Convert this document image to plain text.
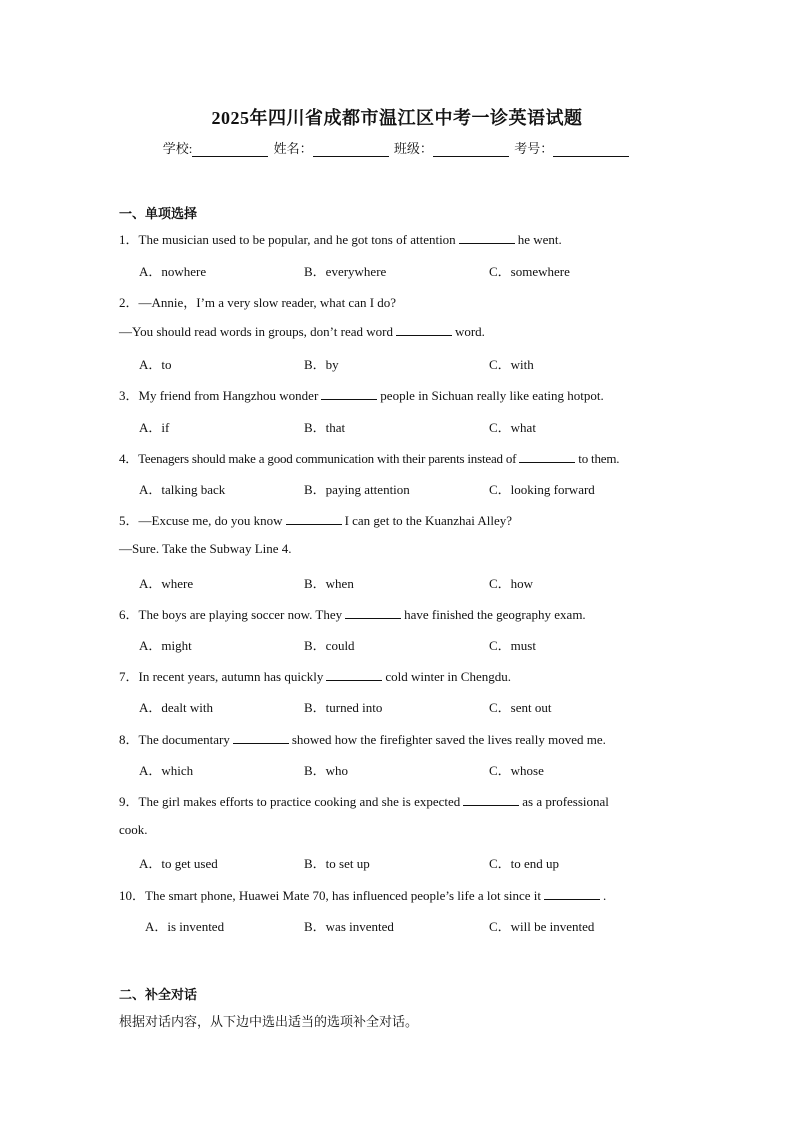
2025年四川省成都市温江区中考一诊英语试题
学校:	姓名：	班级：	考号：
一、单项选择
1．The musician used to be popular, and he got tons of attention	he went.
A．nowhere	B．everywhere	C．somewhere
2．—Annie，I’m a very slow reader, what can I do?
—You should read words in groups, don’t read word	word.
A．to	B．by	C．with
3．My friend from Hangzhou wonder	people in Sichuan really like eating hotpot.
A．if	B．that	C．what
4．Teenagers should make a good communication with their parents instead of	to them.
A．talking back	B．paying attention	C．looking forward
5．—Excuse me, do you know	I can get to the Kuanzhai Alley?
—Sure. Take the Subway Line 4.
A．where	B．when	C．how
6．The boys are playing soccer now. They	have finished the geography exam.
A．might	B．could	C．must
7．In recent years, autumn has quickly	cold winter in Chengdu.
A．dealt with	B．turned into	C．sent out
8．The documentary	showed how the firefighter saved the lives really moved me.
A．which	B．who	C．whose
9．The girl makes efforts to practice cooking and she is expected	as a professional
cook.
A．to get used	B．to set up	C．to end up
10．The smart phone, Huawei Mate 70, has influenced people’s life a lot since it	.
A．is invented	B．was invented	C．will be invented
二、补全对话
根据对话内容，从下边中选出适当的选项补全对话。
